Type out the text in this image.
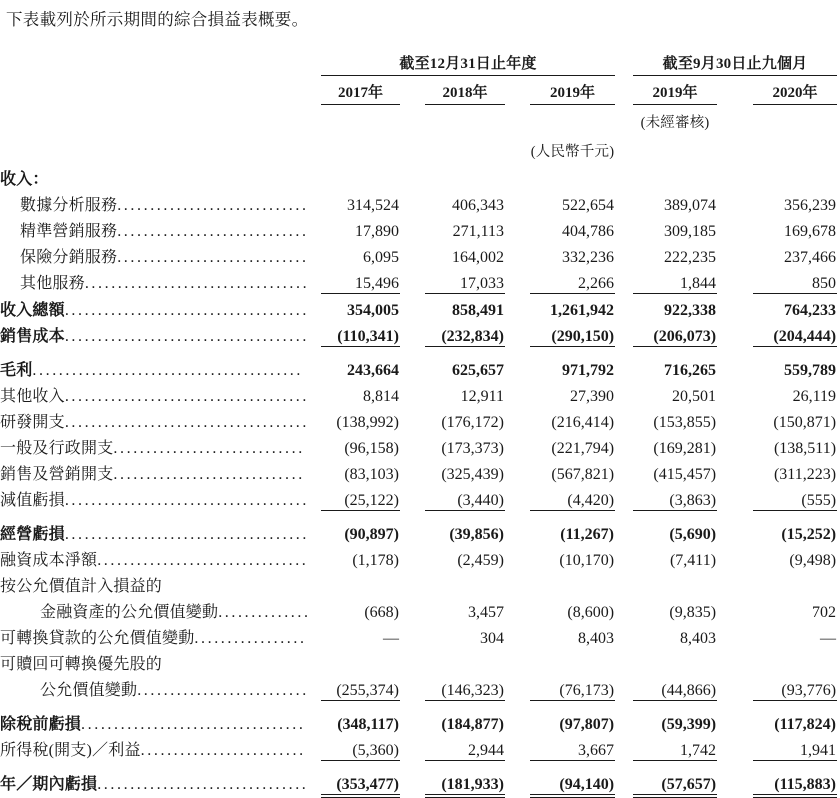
下表載列於所示期間的綜合損益表概要。
		截至12月31日止年度						截至9月30日止九個月			

		2017年		2018年		2019年		2019年		2020年	

								(未經審核)			
						(人民幣千元)					
收入：											
數據分析服務.............................		314,524		406,343		522,654		389,074		356,239	
精準營銷服務.............................		17,890		271,113		404,786		309,185		169,678	
保險分銷服務.............................		6,095		164,002		332,236		222,235		237,466	
其他服務..................................		15,496		17,033		2,266		1,844		850	

收入總額.....................................		354,005		858,491		1,261,942		922,338		764,233	
銷售成本.....................................		(110,341)		(232,834)		(290,150)		(206,073)		(204,444)	

毛利.........................................		243,664		625,657		971,792		716,265		559,789	
其他收入.....................................		8,814		12,911		27,390		20,501		26,119	
研發開支.....................................		(138,992)		(176,172)		(216,414)		(153,855)		(150,871)	
一般及行政開支.............................		(96,158)		(173,373)		(221,794)		(169,281)		(138,511)	
銷售及營銷開支.............................		(83,103)		(325,439)		(567,821)		(415,457)		(311,223)	
減值虧損.....................................		(25,122)		(3,440)		(4,420)		(3,863)		(555)	

經營虧損.....................................		(90,897)		(39,856)		(11,267)		(5,690)		(15,252)	
融資成本淨額................................		(1,178)		(2,459)		(10,170)		(7,411)		(9,498)	
按公允價值計入損益的											
金融資產的公允價值變動..............		(668)		3,457		(8,600)		(9,835)		702	
可轉換貸款的公允價值變動.................		—		304		8,403		8,403		—	
可贖回可轉換優先股的											
公允價值變動..........................		(255,374)		(146,323)		(76,173)		(44,866)		(93,776)	

除稅前虧損..................................		(348,117)		(184,877)		(97,807)		(59,399)		(117,824)	
所得稅(開支)／利益.........................		(5,360)		2,944		3,667		1,742		1,941	

年／期內虧損................................		(353,477)		(181,933)		(94,140)		(57,657)		(115,883)	
